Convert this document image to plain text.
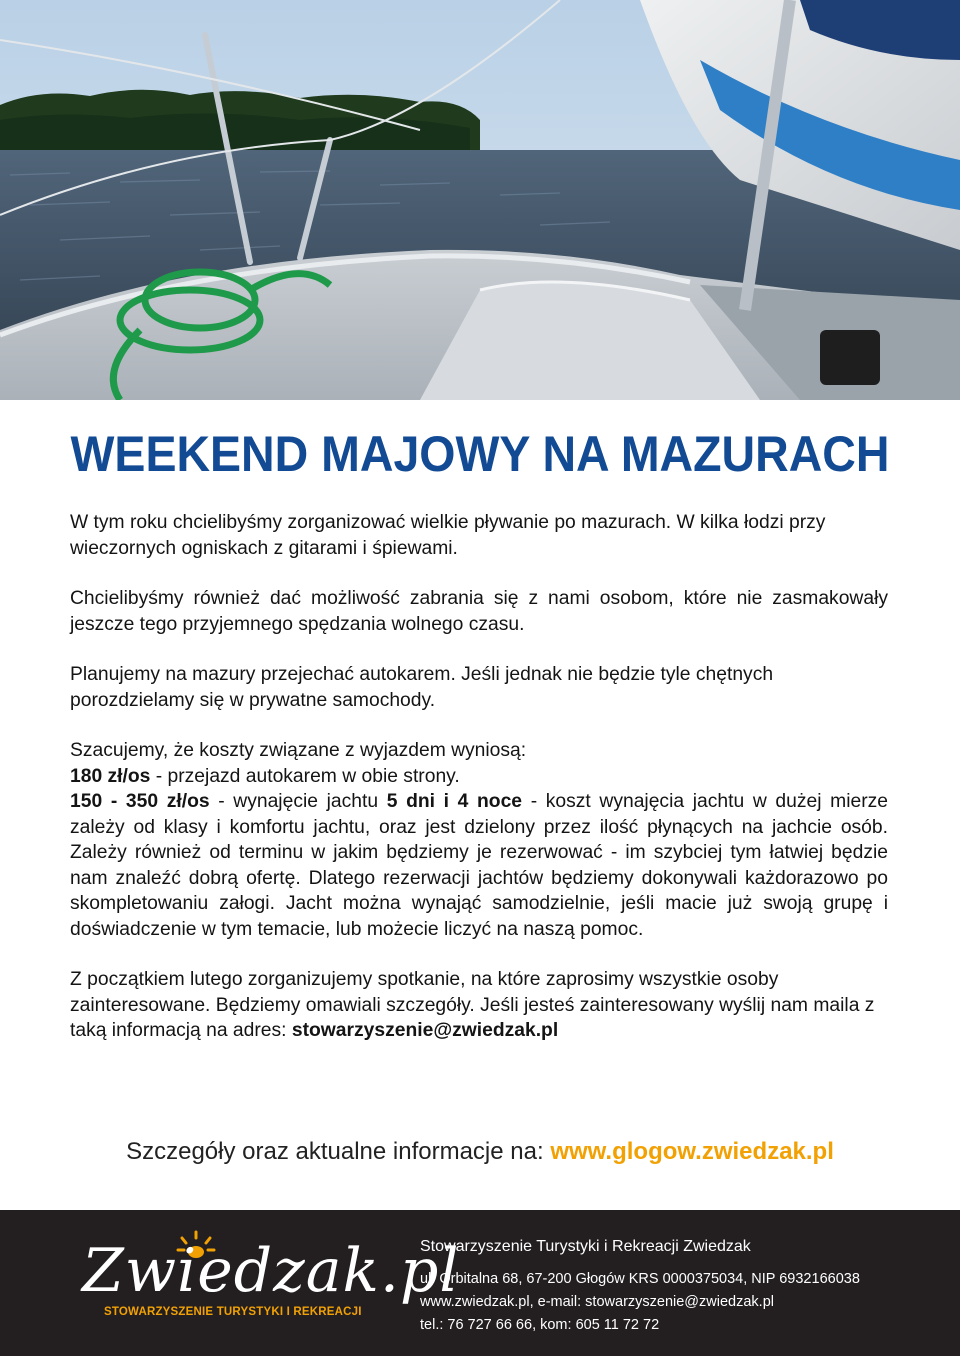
WEEKEND MAJOWY NA MAZURACH

W tym roku chcielibyśmy zorganizować wielkie pływanie po mazurach. W kilka łodzi przy wieczornych ogniskach z gitarami i śpiewami.

Chcielibyśmy również dać możliwość zabrania się z nami osobom, które nie zasmakowały jeszcze tego przyjemnego spędzania wolnego czasu.

Planujemy na mazury przejechać autokarem. Jeśli jednak nie będzie tyle chętnych porozdzielamy się w prywatne samochody.

Szacujemy, że koszty związane z wyjazdem wyniosą:

180 zł/os - przejazd autokarem w obie strony.

150 - 350 zł/os - wynajęcie jachtu 5 dni i 4 noce - koszt wynajęcia jachtu w dużej mierze zależy od klasy i komfortu jachtu, oraz jest dzielony przez ilość płynących na jachcie osób. Zależy również od terminu w jakim będziemy je rezerwować - im szybciej tym łatwiej będzie nam znaleźć dobrą ofertę. Dlatego rezerwacji jachtów będziemy dokonywali każdorazowo po skompletowaniu załogi. Jacht można wynająć samodzielnie, jeśli macie już swoją grupę i doświadczenie w tym temacie, lub możecie liczyć na naszą pomoc.

Z początkiem lutego zorganizujemy spotkanie, na które zaprosimy wszystkie osoby zainteresowane. Będziemy omawiali szczegóły. Jeśli jesteś zainteresowany wyślij nam maila z taką informacją na adres: stowarzyszenie@zwiedzak.pl

Szczegóły oraz aktualne informacje na: www.glogow.zwiedzak.pl
Zwiedzak.pl
STOWARZYSZENIE TURYSTYKI I REKREACJI
Stowarzyszenie Turystyki i Rekreacji Zwiedzak
ul. Orbitalna 68, 67-200 Głogów KRS 0000375034, NIP 6932166038
www.zwiedzak.pl, e-mail: stowarzyszenie@zwiedzak.pl
tel.: 76 727 66 66, kom: 605 11 72 72
